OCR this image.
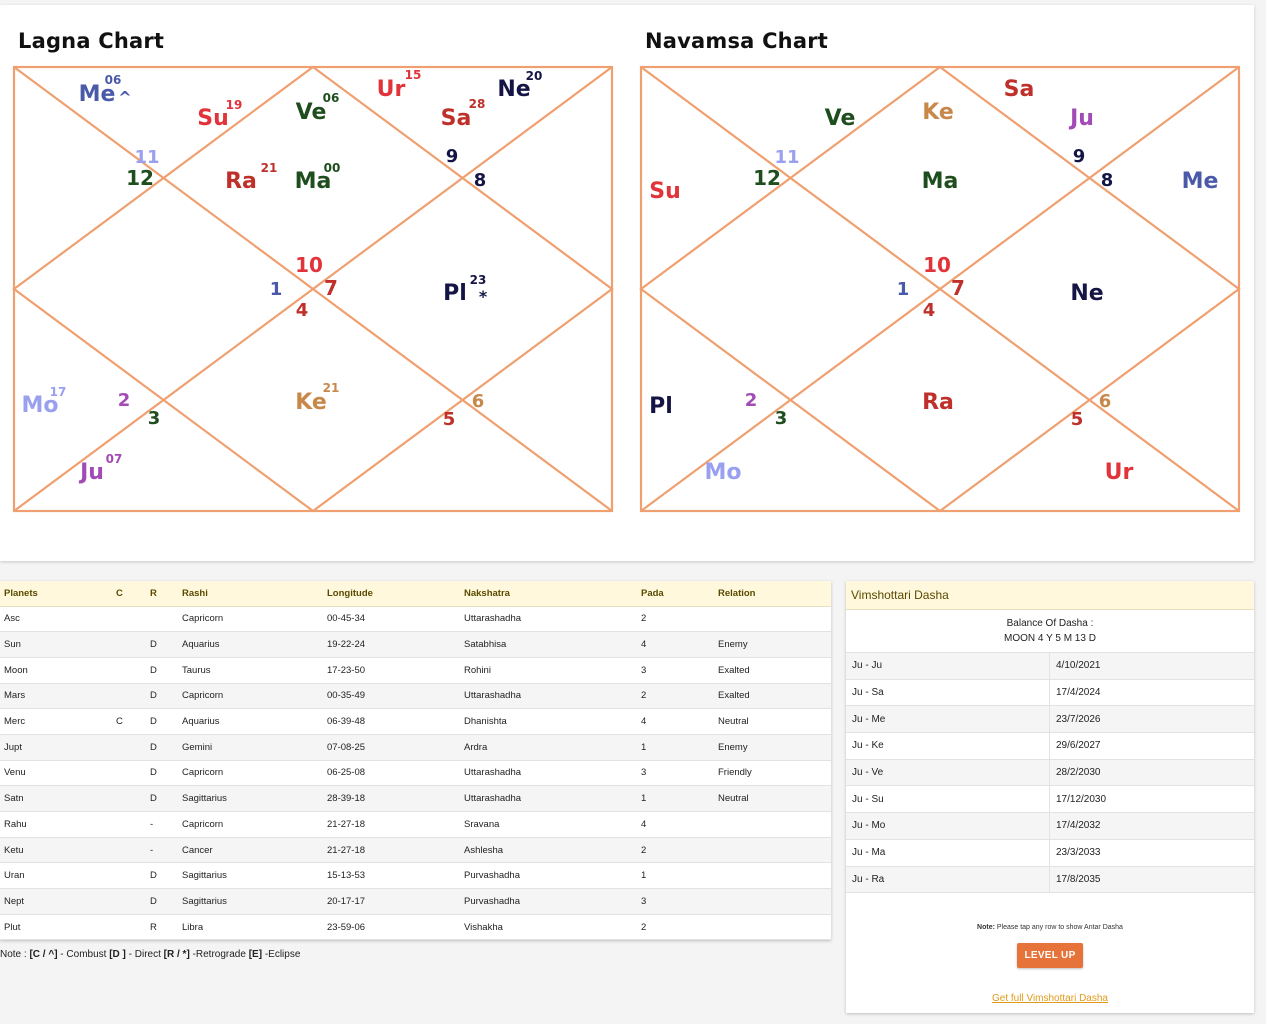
Lagna Chart	Navamsa Chart
11
12
9
8
10
1 7
4
2
3	5
6
Me
06
^
Su
19 Ve
06 Ur
15
Ne
20
Sa
28
Ra
21
Ma
00
Pl
23
*
Mo
17	Ke
21
Ju
07
11
12
9
8
10
1 7
4
2
3	5
6
Ve	Ke
Sa
Ju
Su	Ma	Me
Ne
Pl	Ra
Mo	Ur
Planets	C	R	Rashi	Longitude	Nakshatra	Pada	Relation
Asc			Capricorn	00-45-34	Uttarashadha	2	
Sun		D	Aquarius	19-22-24	Satabhisa	4	Enemy
Moon		D	Taurus	17-23-50	Rohini	3	Exalted
Mars		D	Capricorn	00-35-49	Uttarashadha	2	Exalted
Merc	C	D	Aquarius	06-39-48	Dhanishta	4	Neutral
Jupt		D	Gemini	07-08-25	Ardra	1	Enemy
Venu		D	Capricorn	06-25-08	Uttarashadha	3	Friendly
Satn		D	Sagittarius	28-39-18	Uttarashadha	1	Neutral
Rahu		-	Capricorn	21-27-18	Sravana	4	
Ketu		-	Cancer	21-27-18	Ashlesha	2	
Uran		D	Sagittarius	15-13-53	Purvashadha	1	
Nept		D	Sagittarius	20-17-17	Purvashadha	3	
Plut		R	Libra	23-59-06	Vishakha	2	
Note : [C / ^] - Combust [D ] - Direct [R / *] -Retrograde [E] -Eclipse
Vimshottari Dasha
Balance Of Dasha :
MOON 4 Y 5 M 13 D
Ju - Ju	4/10/2021
Ju - Sa	17/4/2024
Ju - Me	23/7/2026
Ju - Ke	29/6/2027
Ju - Ve	28/2/2030
Ju - Su	17/12/2030
Ju - Mo	17/4/2032
Ju - Ma	23/3/2033
Ju - Ra	17/8/2035
Note: Please tap any row to show Antar Dasha
LEVEL UP
Get full Vimshottari Dasha
